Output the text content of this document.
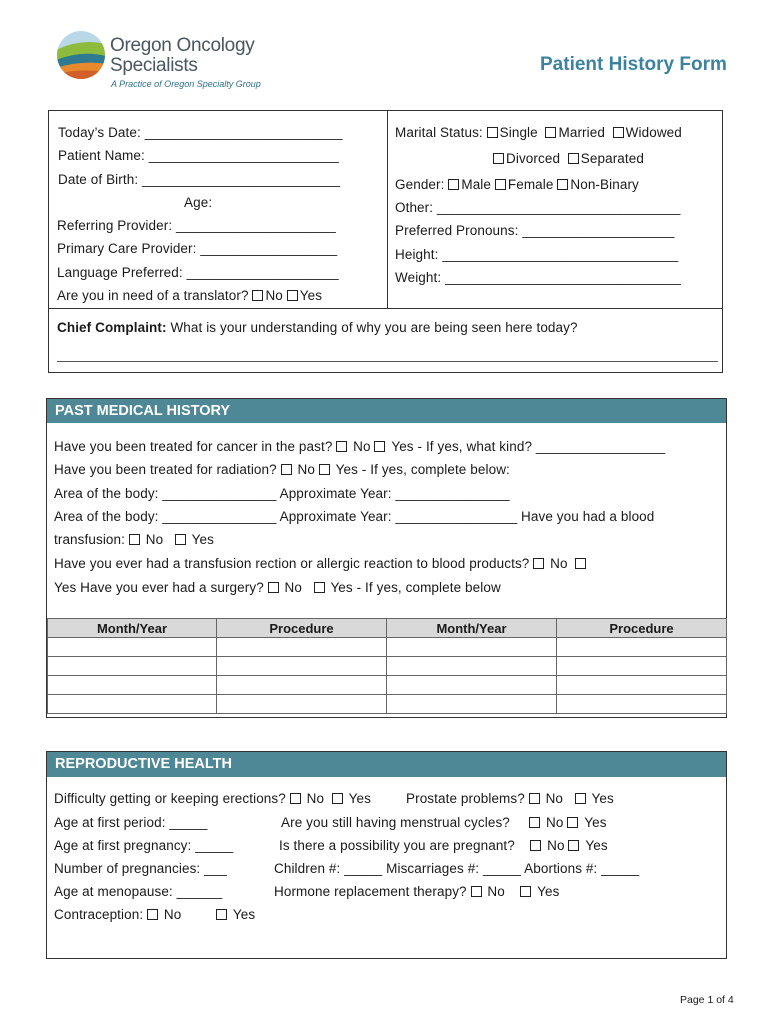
Oregon Oncology
Specialists
A Practice of Oregon Specialty Group
Patient History Form
Today’s Date: __________________________
Patient Name: _________________________
Date of Birth: __________________________
Age:
Referring Provider: _____________________
Primary Care Provider: __________________
Language Preferred: ____________________
Are you in need of a translator? No Yes
Marital Status: Single Married Widowed
Divorced Separated
Gender: Male Female Non-Binary
Other: ________________________________
Preferred Pronouns: ____________________
Height: _______________________________
Weight: _______________________________
Chief Complaint: What is your understanding of why you are being seen here today?
PAST MEDICAL HISTORY
Have you been treated for cancer in the past? No Yes - If yes, what kind? _________________
Have you been treated for radiation? No Yes - If yes, complete below:
Area of the body: _______________ Approximate Year: _______________
Area of the body: _______________ Approximate Year: ________________ Have you had a blood
transfusion: No Yes
Have you ever had a transfusion rection or allergic reaction to blood products? No
Yes Have you ever had a surgery? No Yes - If yes, complete below
Month/Year	Procedure	Month/Year	Procedure

REPRODUCTIVE HEALTH
Difficulty getting or keeping erections? No Yes	Prostate problems? No Yes
Age at first period: _____	Are you still having menstrual cycles?	No Yes
Age at first pregnancy: _____	Is there a possibility you are pregnant? No Yes
Number of pregnancies: ___	Children #: _____ Miscarriages #: _____ Abortions #: _____
Age at menopause: ______	Hormone replacement therapy? No Yes
Contraception: No	Yes
Page 1 of 4
